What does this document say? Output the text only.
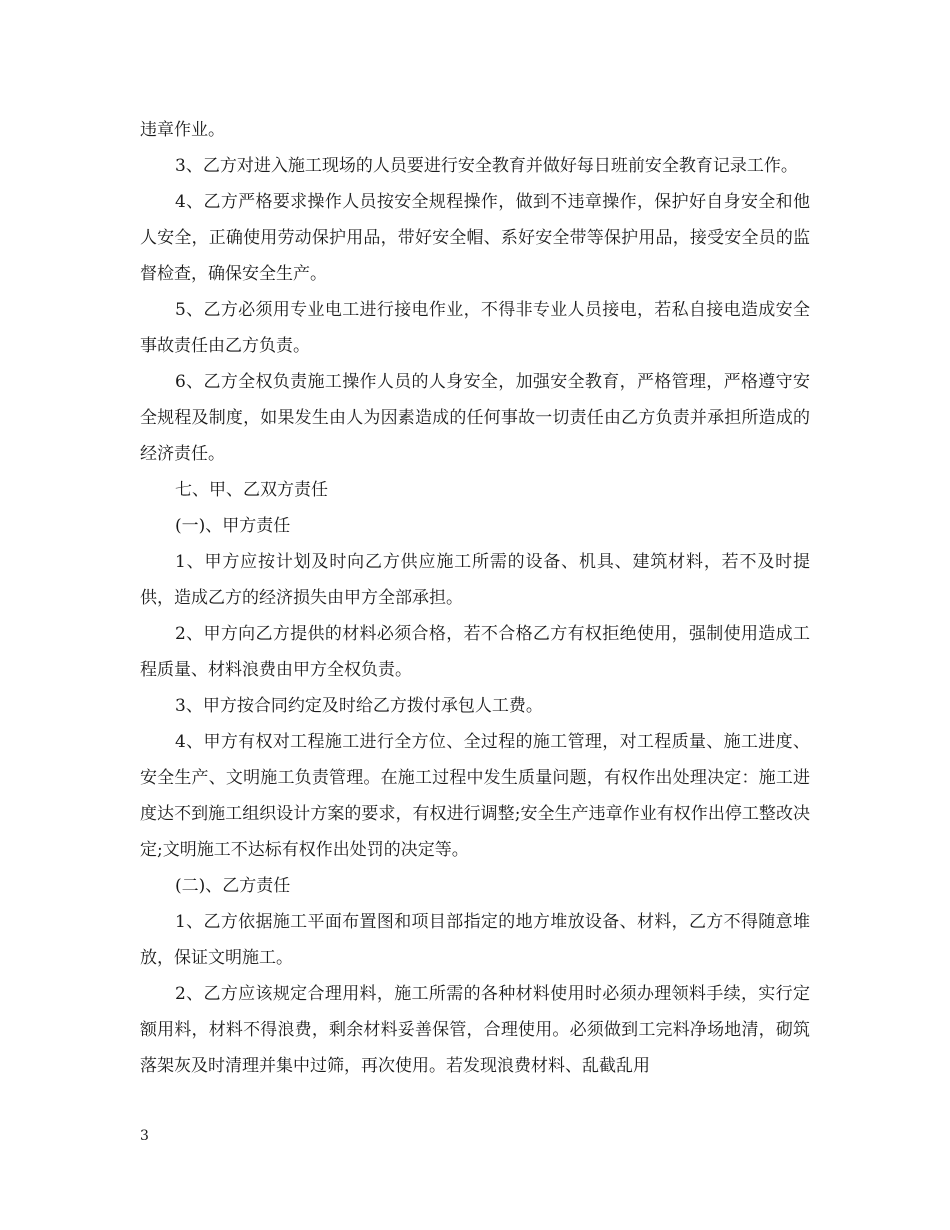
违章作业。

3、乙方对进入施工现场的人员要进行安全教育并做好每日班前安全教育记录工作。

4、乙方严格要求操作人员按安全规程操作，做到不违章操作，保护好自身安全和他人安全，正确使用劳动保护用品，带好安全帽、系好安全带等保护用品，接受安全员的监督检查，确保安全生产。

5、乙方必须用专业电工进行接电作业，不得非专业人员接电，若私自接电造成安全事故责任由乙方负责。

6、乙方全权负责施工操作人员的人身安全，加强安全教育，严格管理，严格遵守安全规程及制度，如果发生由人为因素造成的任何事故一切责任由乙方负责并承担所造成的经济责任。

七、甲、乙双方责任

(一)、甲方责任

1、甲方应按计划及时向乙方供应施工所需的设备、机具、建筑材料，若不及时提供，造成乙方的经济损失由甲方全部承担。

2、甲方向乙方提供的材料必须合格，若不合格乙方有权拒绝使用，强制使用造成工程质量、材料浪费由甲方全权负责。

3、甲方按合同约定及时给乙方拨付承包人工费。

4、甲方有权对工程施工进行全方位、全过程的施工管理，对工程质量、施工进度、安全生产、文明施工负责管理。在施工过程中发生质量问题，有权作出处理决定：施工进度达不到施工组织设计方案的要求，有权进行调整;安全生产违章作业有权作出停工整改决定;文明施工不达标有权作出处罚的决定等。

(二)、乙方责任

1、乙方依据施工平面布置图和项目部指定的地方堆放设备、材料，乙方不得随意堆放，保证文明施工。

2、乙方应该规定合理用料，施工所需的各种材料使用时必须办理领料手续，实行定额用料，材料不得浪费，剩余材料妥善保管，合理使用。必须做到工完料净场地清，砌筑落架灰及时清理并集中过筛，再次使用。若发现浪费材料、乱截乱用

3
